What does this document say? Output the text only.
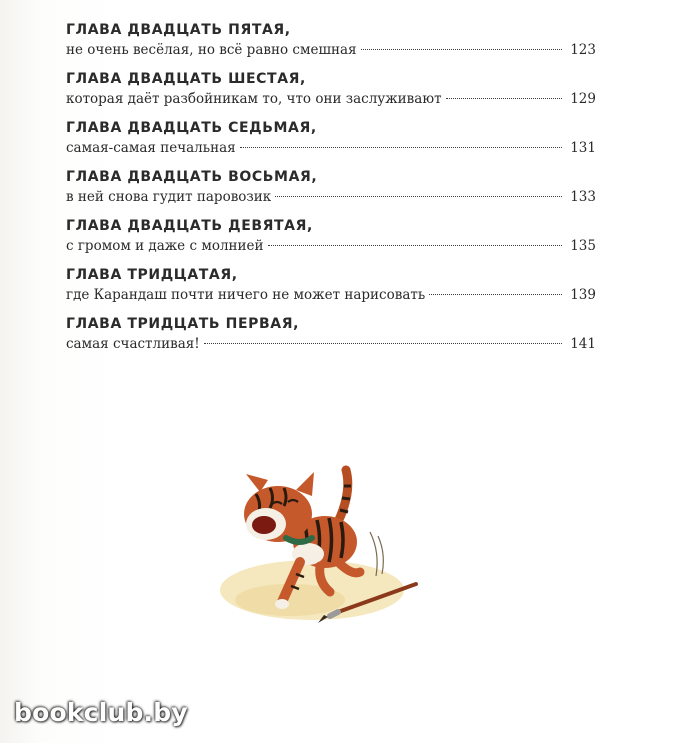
ГЛАВА ДВАДЦАТЬ ПЯТАЯ,
не очень весёлая, но всё равно смешная	123
ГЛАВА ДВАДЦАТЬ ШЕСТАЯ,
которая даёт разбойникам то, что они заслуживают	129
ГЛАВА ДВАДЦАТЬ СЕДЬМАЯ,
самая-самая печальная	131
ГЛАВА ДВАДЦАТЬ ВОСЬМАЯ,
в ней снова гудит паровозик	133
ГЛАВА ДВАДЦАТЬ ДЕВЯТАЯ,
с громом и даже с молнией	135
ГЛАВА ТРИДЦАТАЯ,
где Карандаш почти ничего не может нарисовать	139
ГЛАВА ТРИДЦАТЬ ПЕРВАЯ,
самая счастливая!	141
bookclub.by
